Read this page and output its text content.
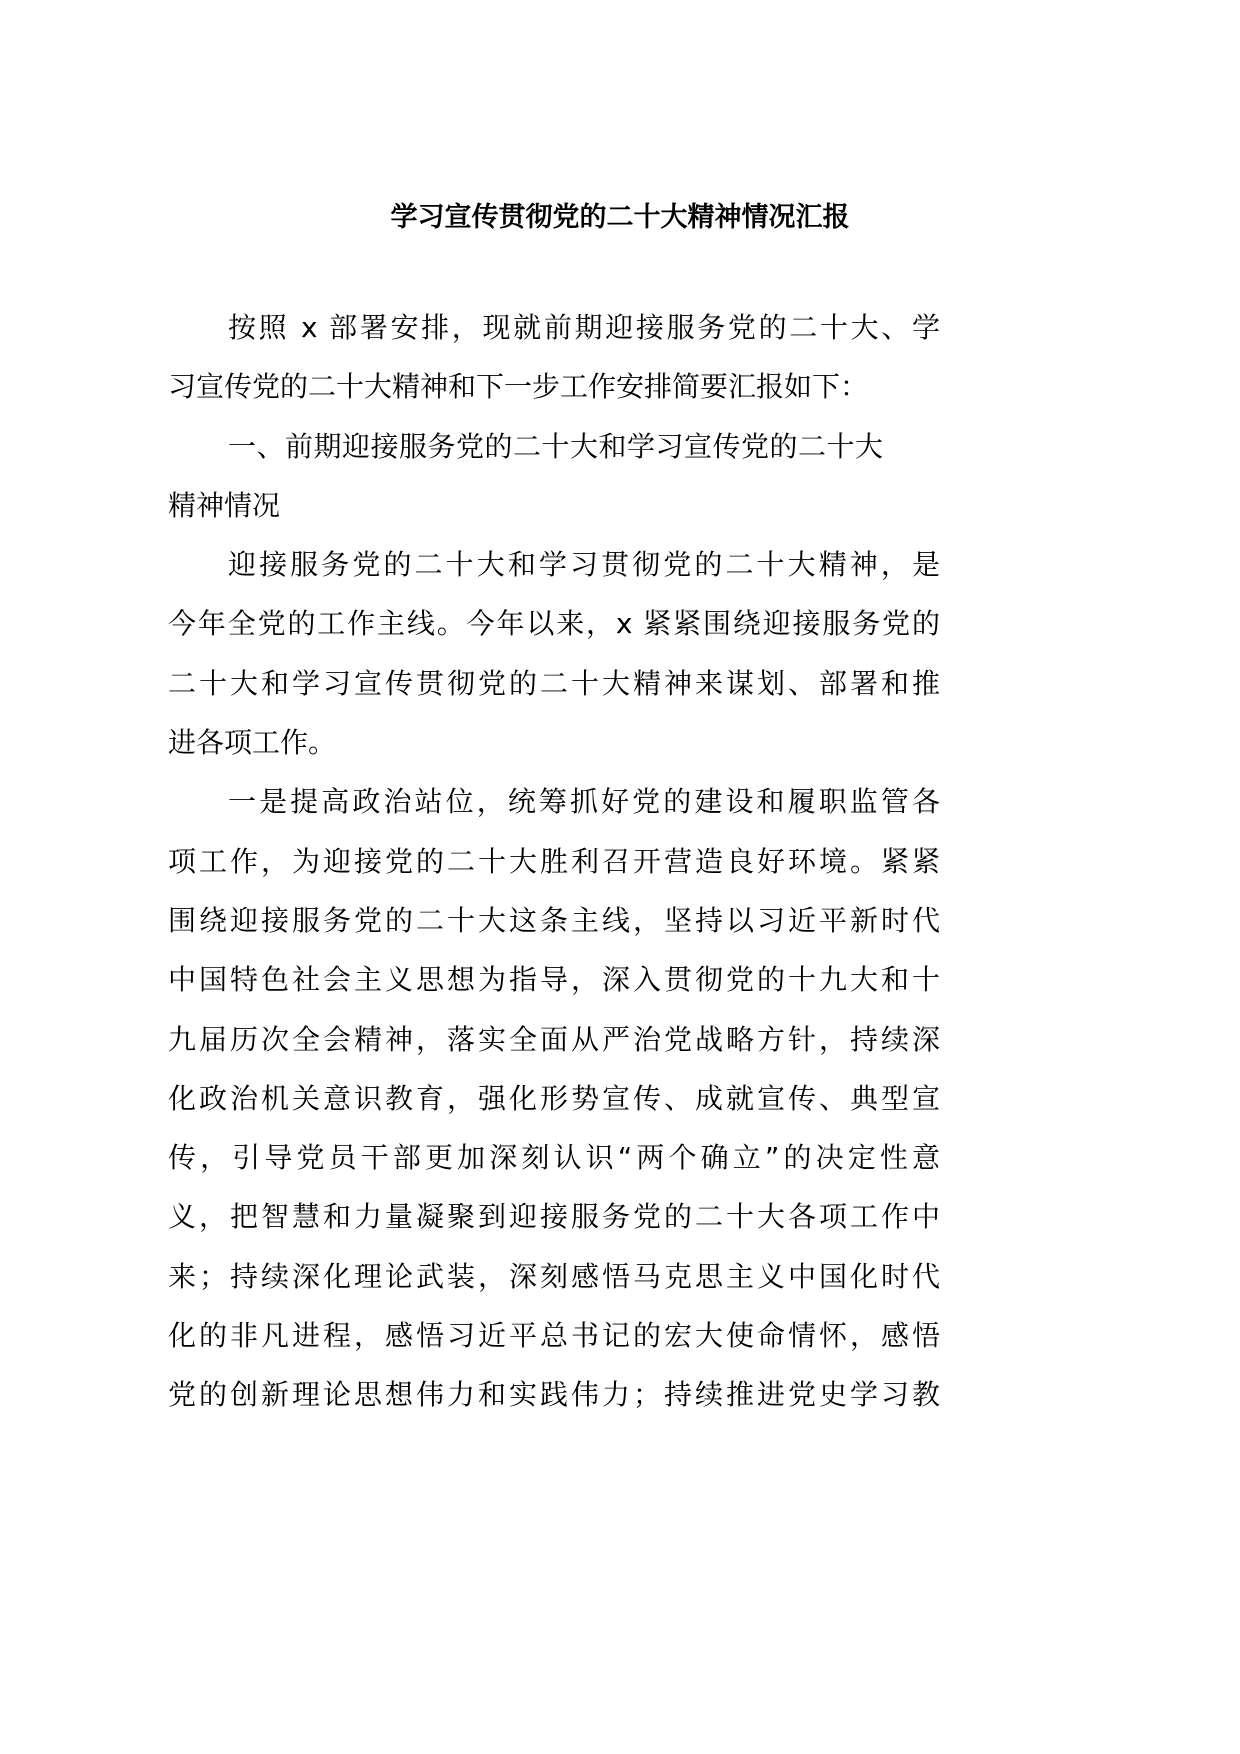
学习宣传贯彻党的二十大精神情况汇报
按照 x 部署安排，现就前期迎接服务党的二十大、学
习宣传党的二十大精神和下一步工作安排简要汇报如下：
一、前期迎接服务党的二十大和学习宣传党的二十大
精神情况
迎接服务党的二十大和学习贯彻党的二十大精神，是
今年全党的工作主线。今年以来，x 紧紧围绕迎接服务党的
二十大和学习宣传贯彻党的二十大精神来谋划、部署和推
进各项工作。
一是提高政治站位，统筹抓好党的建设和履职监管各
项工作，为迎接党的二十大胜利召开营造良好环境。紧紧
围绕迎接服务党的二十大这条主线，坚持以习近平新时代
中国特色社会主义思想为指导，深入贯彻党的十九大和十
九届历次全会精神，落实全面从严治党战略方针，持续深
化政治机关意识教育，强化形势宣传、成就宣传、典型宣
传，引导党员干部更加深刻认识“两个确立”的决定性意
义，把智慧和力量凝聚到迎接服务党的二十大各项工作中
来；持续深化理论武装，深刻感悟马克思主义中国化时代
化的非凡进程，感悟习近平总书记的宏大使命情怀，感悟
党的创新理论思想伟力和实践伟力；持续推进党史学习教
